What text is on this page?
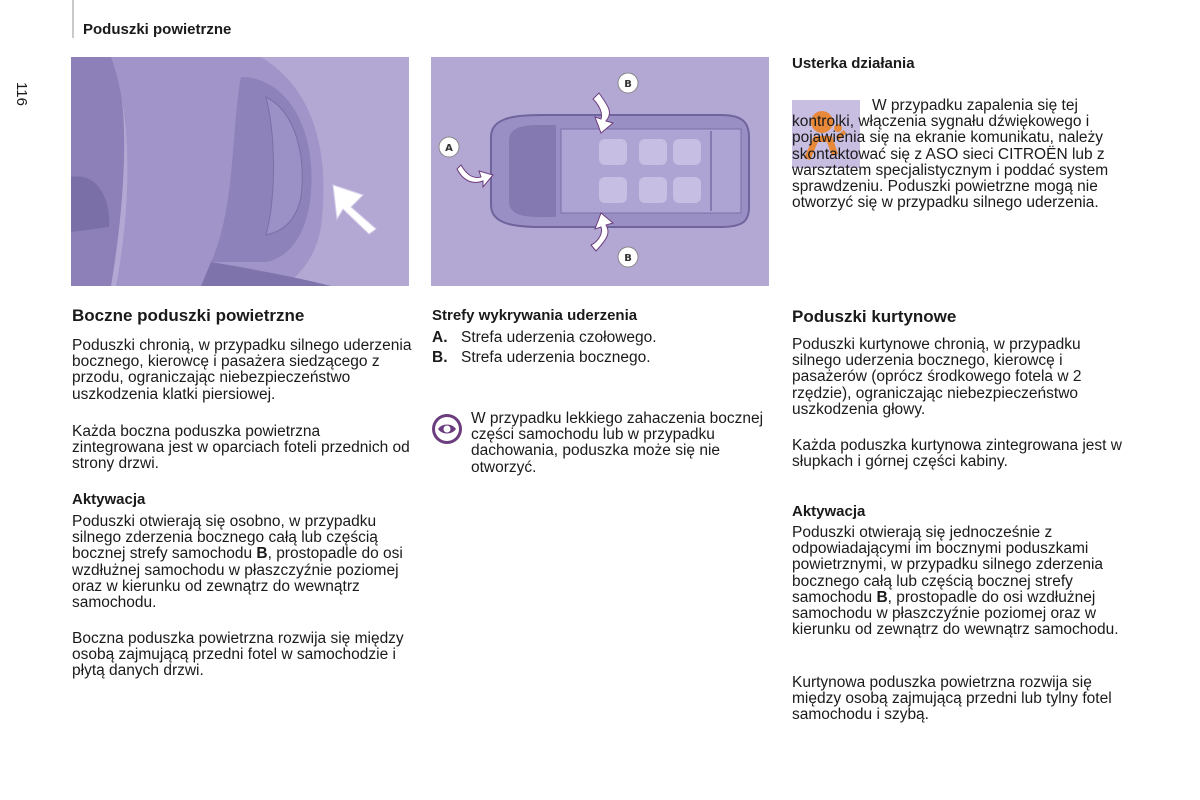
Poduszki powietrzne
116	B
B
A
Boczne poduszki powietrzne

Poduszki chronią, w przypadku silnego uderzenia bocznego, kierowcę i pasażera siedzącego z przodu, ograniczając niebezpieczeństwo uszkodzenia klatki piersiowej.

Każda boczna poduszka powietrzna zintegrowana jest w oparciach foteli przednich od strony drzwi.

Aktywacja

Poduszki otwierają się osobno, w przypadku silnego zderzenia bocznego całą lub częścią bocznej strefy samochodu B, prostopadle do osi wzdłużnej samochodu w płaszczyźnie poziomej oraz w kierunku od zewnątrz do wewnątrz samochodu.

Boczna poduszka powietrzna rozwija się między osobą zajmującą przedni fotel w samochodzie i płytą danych drzwi.

Strefy wykrywania uderzenia
A. Strefa uderzenia czołowego.
B. Strefa uderzenia bocznego.

W przypadku lekkiego zahaczenia bocznej części samochodu lub w przypadku dachowania, poduszka może się nie otworzyć.

Usterka działania

W przypadku zapalenia się tej kontrolki, włączenia sygnału dźwiękowego i pojawienia się na ekranie komunikatu, należy skontaktować się z ASO sieci CITROËN lub z warsztatem specjalistycznym i poddać system sprawdzeniu. Poduszki powietrzne mogą nie otworzyć się w przypadku silnego uderzenia.

Poduszki kurtynowe

Poduszki kurtynowe chronią, w przypadku silnego uderzenia bocznego, kierowcę i pasażerów (oprócz środkowego fotela w 2 rzędzie), ograniczając niebezpieczeństwo uszkodzenia głowy.

Każda poduszka kurtynowa zintegrowana jest w słupkach i górnej części kabiny.

Aktywacja

Poduszki otwierają się jednocześnie z odpowiadającymi im bocznymi poduszkami powietrznymi, w przypadku silnego zderzenia bocznego całą lub częścią bocznej strefy samochodu B, prostopadle do osi wzdłużnej samochodu w płaszczyźnie poziomej oraz w kierunku od zewnątrz do wewnątrz samochodu.

Kurtynowa poduszka powietrzna rozwija się między osobą zajmującą przedni lub tylny fotel samochodu i szybą.
